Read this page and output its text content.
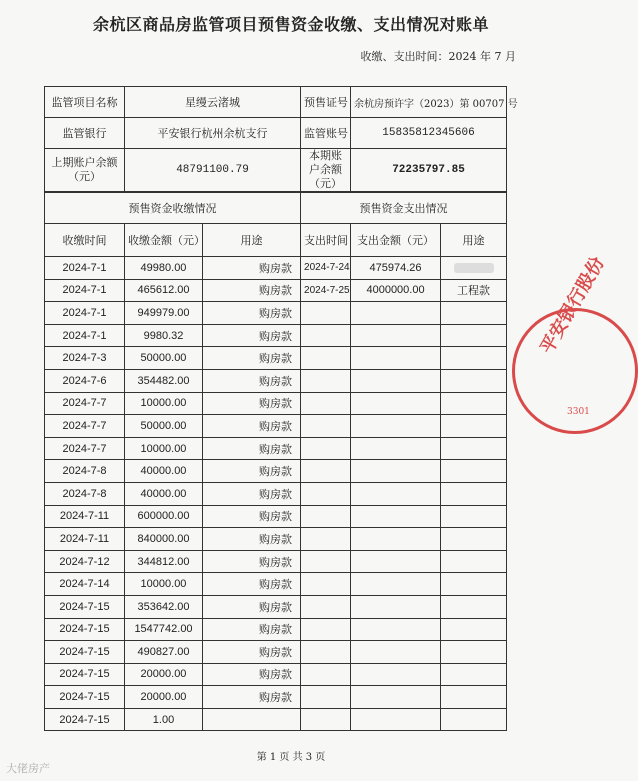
余杭区商品房监管项目预售资金收缴、支出情况对账单
收缴、支出时间：2024 年 7 月
监管项目名称	星缦云渚城	预售证号	余杭房预许字（2023）第 00707 号
监管银行	平安银行杭州余杭支行	监管账号	15835812345606
上期账户余额（元）	48791100.79	本期账户余额（元）	72235797.85
预售资金收缴情况			预售资金支出情况		
收缴时间	收缴金额（元）	用途	支出时间	支出金额（元）	用途
2024-7-1	49980.00	购房款	2024-7-24	475974.26	
2024-7-1	465612.00	购房款	2024-7-25	4000000.00	工程款
2024-7-1	949979.00	购房款			
2024-7-1	9980.32	购房款			
2024-7-3	50000.00	购房款			
2024-7-6	354482.00	购房款			
2024-7-7	10000.00	购房款			
2024-7-7	50000.00	购房款			
2024-7-7	10000.00	购房款			
2024-7-8	40000.00	购房款			
2024-7-8	40000.00	购房款			
2024-7-11	600000.00	购房款			
2024-7-11	840000.00	购房款			
2024-7-12	344812.00	购房款			
2024-7-14	10000.00	购房款			
2024-7-15	353642.00	购房款			
2024-7-15	1547742.00	购房款			
2024-7-15	490827.00	购房款			
2024-7-15	20000.00	购房款			
2024-7-15	20000.00	购房款			
2024-7-15	1.00				
平安银行股份
3301
第 1 页 共 3 页
大佬房产
